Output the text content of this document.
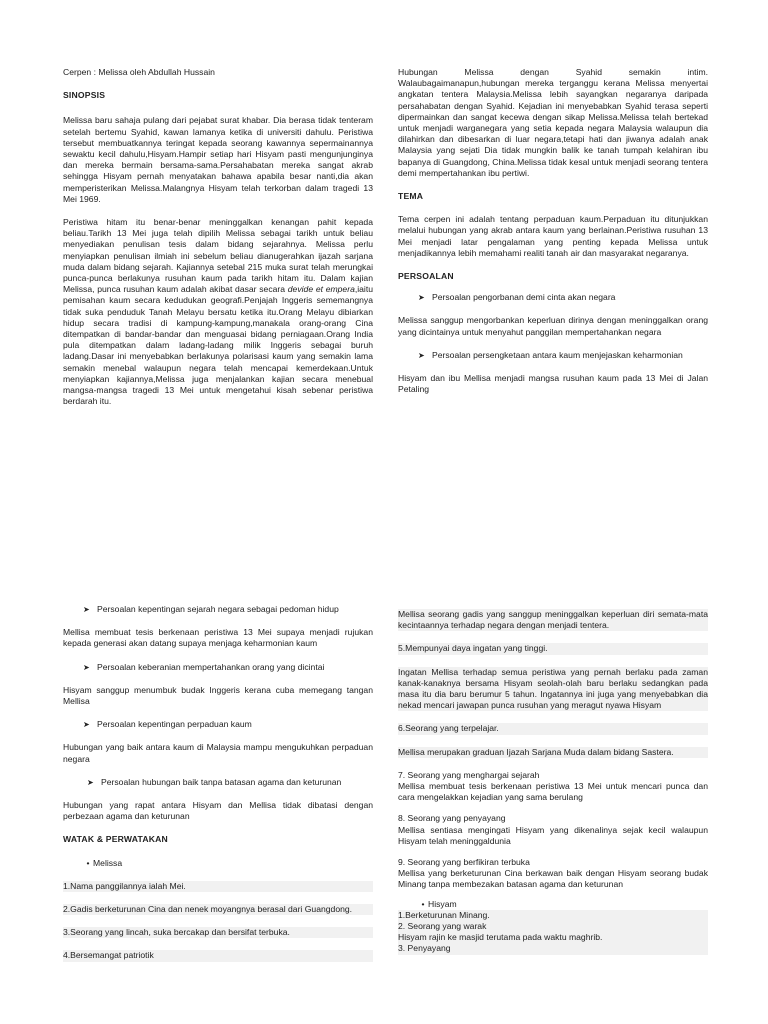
Cerpen : Melissa oleh Abdullah Hussain

SINOPSIS

Melissa baru sahaja pulang dari pejabat surat khabar. Dia berasa tidak tenteram setelah bertemu Syahid, kawan lamanya ketika di universiti dahulu. Peristiwa tersebut membuatkannya teringat kepada seorang kawannya sepermainannya sewaktu kecil dahulu,Hisyam.Hampir setiap hari Hisyam pasti mengunjunginya dan mereka bermain bersama-sama.Persahabatan mereka sangat akrab sehingga Hisyam pernah menyatakan bahawa apabila besar nanti,dia akan memperisterikan Melissa.Malangnya Hisyam telah terkorban dalam tragedi 13 Mei 1969.

Peristiwa hitam itu benar-benar meninggalkan kenangan pahit kepada beliau.Tarikh 13 Mei juga telah dipilih Melissa sebagai tarikh untuk beliau menyediakan penulisan tesis dalam bidang sejarahnya. Melissa perlu menyiapkan penulisan ilmiah ini sebelum beliau dianugerahkan ijazah sarjana muda dalam bidang sejarah. Kajiannya setebal 215 muka surat telah merungkai punca-punca berlakunya rusuhan kaum pada tarikh hitam itu. Dalam kajian Melissa, punca rusuhan kaum adalah akibat dasar secara devide et empera,iaitu pemisahan kaum secara kedudukan geografi.Penjajah Inggeris sememangnya tidak suka penduduk Tanah Melayu bersatu ketika itu.Orang Melayu dibiarkan hidup secara tradisi di kampung-kampung,manakala orang-orang Cina ditempatkan di bandar-bandar dan menguasai bidang perniagaan.Orang India pula ditempatkan dalam ladang-ladang milik Inggeris sebagai buruh ladang.Dasar ini menyebabkan berlakunya polarisasi kaum yang semakin lama semakin menebal walaupun negara telah mencapai kemerdekaan.Untuk menyiapkan kajiannya,Melissa juga menjalankan kajian secara menebual mangsa-mangsa tragedi 13 Mei untuk mengetahui kisah sebenar peristiwa berdarah itu.

Hubungan Melissa dengan Syahid semakin intim. Walaubagaimanapun,hubungan mereka terganggu kerana Melissa menyertai angkatan tentera Malaysia.Melissa lebih sayangkan negaranya daripada persahabatan dengan Syahid. Kejadian ini menyebabkan Syahid terasa seperti dipermainkan dan sangat kecewa dengan sikap Melissa.Melissa telah bertekad untuk menjadi warganegara yang setia kepada negara Malaysia walaupun dia dilahirkan dan dibesarkan di luar negara,tetapi hati dan jiwanya adalah anak Malaysia yang sejati Dia tidak mungkin balik ke tanah tumpah kelahiran ibu bapanya di Guangdong, China.Melissa tidak kesal untuk menjadi seorang tentera demi mempertahankan ibu pertiwi.

TEMA

Tema cerpen ini adalah tentang perpaduan kaum.Perpaduan itu ditunjukkan melalui hubungan yang akrab antara kaum yang berlainan.Peristiwa rusuhan 13 Mei menjadi latar pengalaman yang penting kepada Melissa untuk menjadikannya lebih memahami realiti tanah air dan masyarakat negaranya.

PERSOALAN

➤ Persoalan pengorbanan demi cinta akan negara

Melissa sanggup mengorbankan keperluan dirinya dengan meninggalkan orang yang dicintainya untuk menyahut panggilan mempertahankan negara

➤ Persoalan persengketaan antara kaum menjejaskan keharmonian

Hisyam dan ibu Mellisa menjadi mangsa rusuhan kaum pada 13 Mei di Jalan Petaling

➤ Persoalan kepentingan sejarah negara sebagai pedoman hidup

Mellisa membuat tesis berkenaan peristiwa 13 Mei supaya menjadi rujukan kepada generasi akan datang supaya menjaga keharmonian kaum

➤ Persoalan keberanian mempertahankan orang yang dicintai

Hisyam sanggup menumbuk budak Inggeris kerana cuba memegang tangan Mellisa

➤ Persoalan kepentingan perpaduan kaum

Hubungan yang baik antara kaum di Malaysia mampu mengukuhkan perpaduan negara

➤ Persoalan hubungan baik tanpa batasan agama dan keturunan

Hubungan yang rapat antara Hisyam dan Mellisa tidak dibatasi dengan perbezaan agama dan keturunan

WATAK & PERWATAKAN

• Melissa

1.Nama panggilannya ialah Mei.

2.Gadis berketurunan Cina dan nenek moyangnya berasal dari Guangdong.

3.Seorang yang lincah, suka bercakap dan bersifat terbuka.

4.Bersemangat patriotik

Mellisa seorang gadis yang sanggup meninggalkan keperluan diri semata-mata kecintaannya terhadap negara dengan menjadi tentera.

5.Mempunyai daya ingatan yang tinggi.

Ingatan Mellisa terhadap semua peristiwa yang pernah berlaku pada zaman kanak-kanaknya bersama Hisyam seolah-olah baru berlaku sedangkan pada masa itu dia baru berumur 5 tahun. Ingatannya ini juga yang menyebabkan dia nekad mencari jawapan punca rusuhan yang meragut nyawa Hisyam

6.Seorang yang terpelajar.

Mellisa merupakan graduan Ijazah Sarjana Muda dalam bidang Sastera.

7. Seorang yang menghargai sejarah

Mellisa membuat tesis berkenaan peristiwa 13 Mei untuk mencari punca dan cara mengelakkan kejadian yang sama berulang

8. Seorang yang penyayang

Mellisa sentiasa mengingati Hisyam yang dikenalinya sejak kecil walaupun Hisyam telah meninggaldunia

9. Seorang yang berfikiran terbuka

Mellisa yang berketurunan Cina berkawan baik dengan Hisyam seorang budak Minang tanpa membezakan batasan agama dan keturunan

• Hisyam

1.Berketurunan Minang.

2. Seorang yang warak

Hisyam rajin ke masjid terutama pada waktu maghrib.

3. Penyayang
